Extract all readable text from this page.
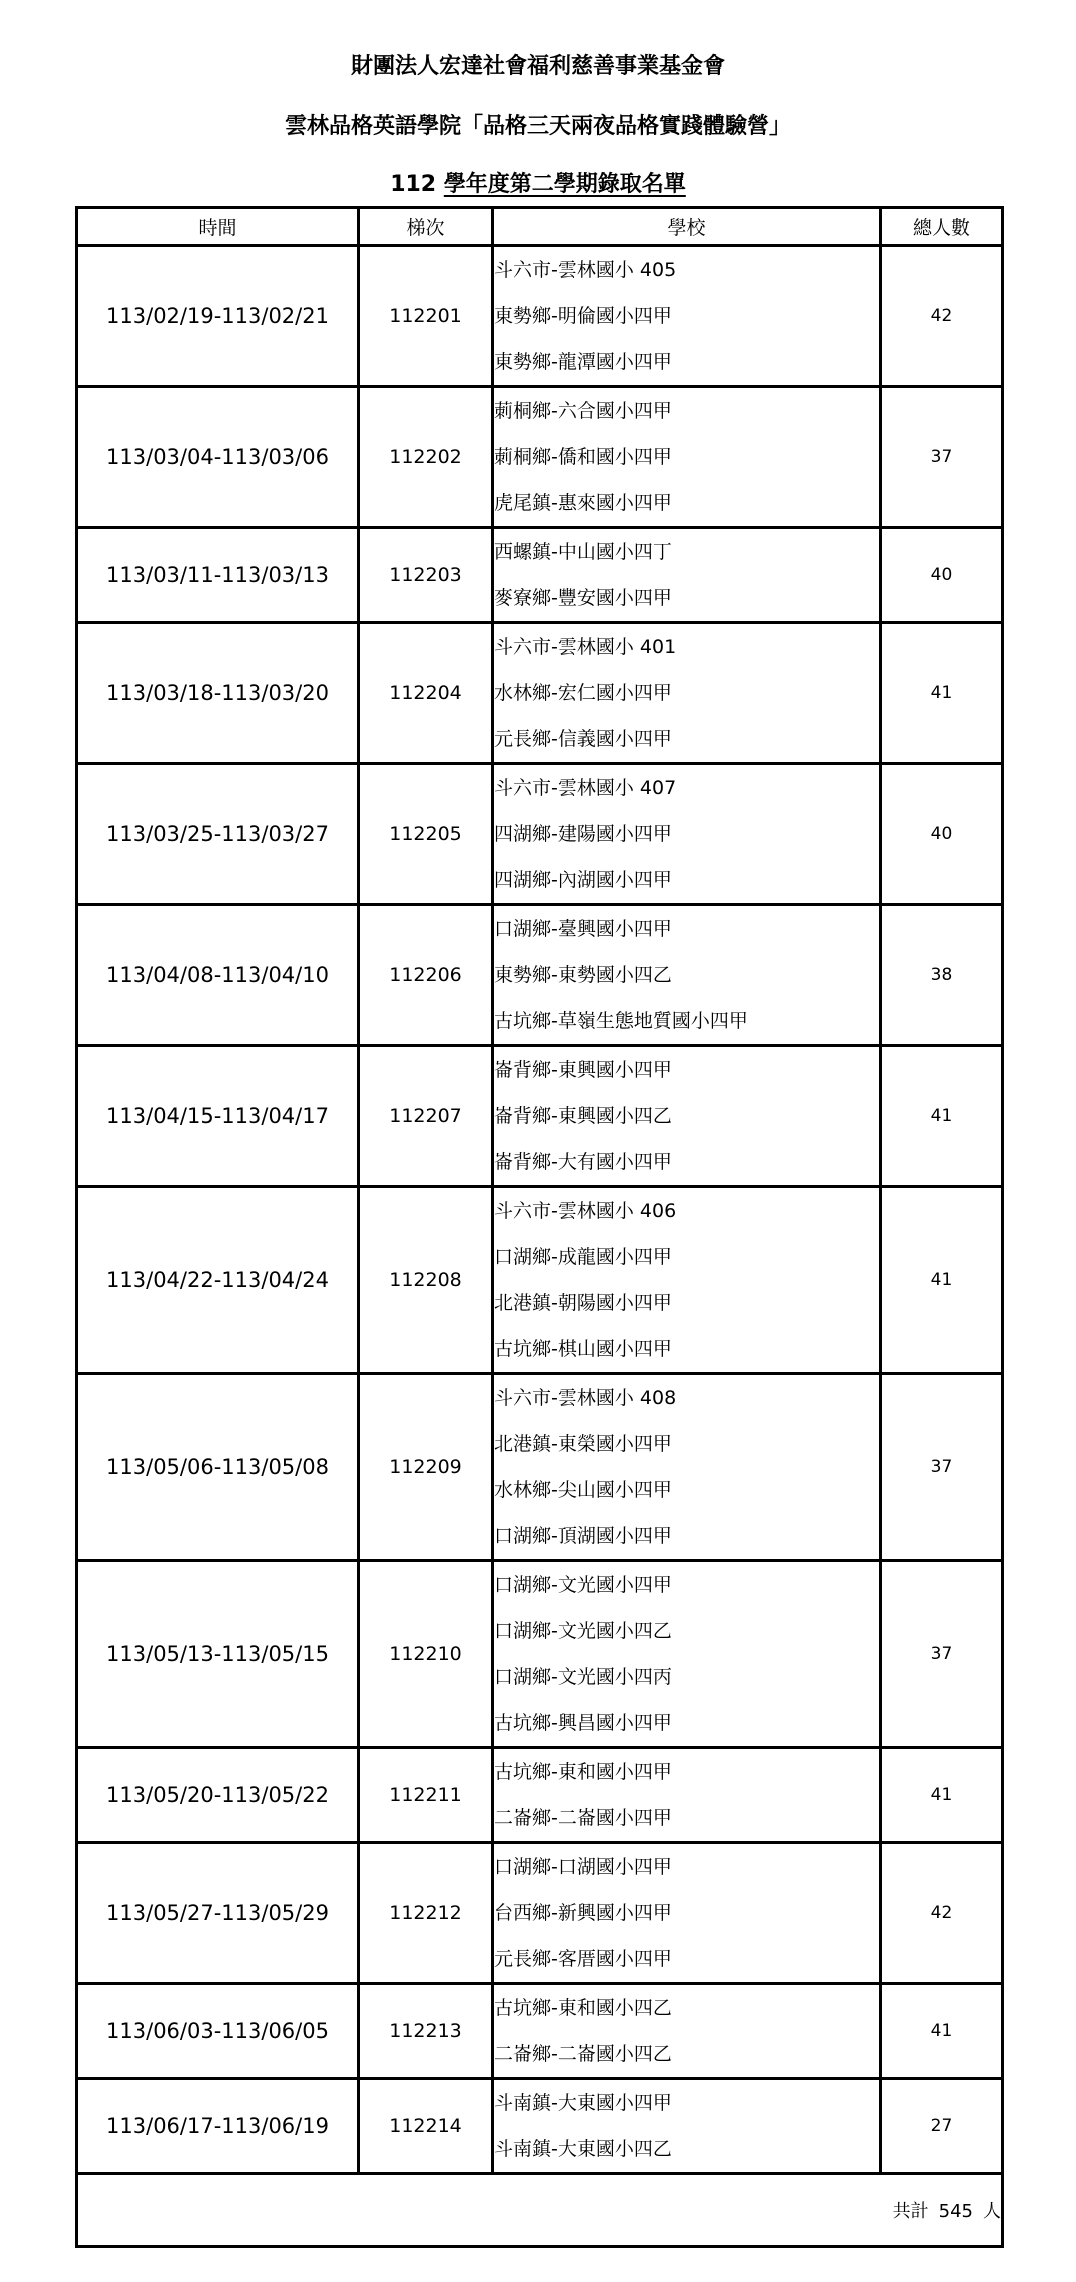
財團法人宏達社會福利慈善事業基金會
雲林品格英語學院「品格三天兩夜品格實踐體驗營」
112 學年度第二學期錄取名單
時間	梯次	學校	總人數
113/02/19-113/02/21	112201	斗六市-雲林國小 405
東勢鄉-明倫國小四甲
東勢鄉-龍潭國小四甲	42
113/03/04-113/03/06	112202	莿桐鄉-六合國小四甲
莿桐鄉-僑和國小四甲
虎尾鎮-惠來國小四甲	37
113/03/11-113/03/13	112203	西螺鎮-中山國小四丁
麥寮鄉-豐安國小四甲	40
113/03/18-113/03/20	112204	斗六市-雲林國小 401
水林鄉-宏仁國小四甲
元長鄉-信義國小四甲	41
113/03/25-113/03/27	112205	斗六市-雲林國小 407
四湖鄉-建陽國小四甲
四湖鄉-內湖國小四甲	40
113/04/08-113/04/10	112206	口湖鄉-臺興國小四甲
東勢鄉-東勢國小四乙
古坑鄉-草嶺生態地質國小四甲	38
113/04/15-113/04/17	112207	崙背鄉-東興國小四甲
崙背鄉-東興國小四乙
崙背鄉-大有國小四甲	41
113/04/22-113/04/24	112208	斗六市-雲林國小 406
口湖鄉-成龍國小四甲
北港鎮-朝陽國小四甲
古坑鄉-棋山國小四甲	41
113/05/06-113/05/08	112209	斗六市-雲林國小 408
北港鎮-東榮國小四甲
水林鄉-尖山國小四甲
口湖鄉-頂湖國小四甲	37
113/05/13-113/05/15	112210	口湖鄉-文光國小四甲
口湖鄉-文光國小四乙
口湖鄉-文光國小四丙
古坑鄉-興昌國小四甲	37
113/05/20-113/05/22	112211	古坑鄉-東和國小四甲
二崙鄉-二崙國小四甲	41
113/05/27-113/05/29	112212	口湖鄉-口湖國小四甲
台西鄉-新興國小四甲
元長鄉-客厝國小四甲	42
113/06/03-113/06/05	112213	古坑鄉-東和國小四乙
二崙鄉-二崙國小四乙	41
113/06/17-113/06/19	112214	斗南鎮-大東國小四甲
斗南鎮-大東國小四乙	27
共計 545 人			
